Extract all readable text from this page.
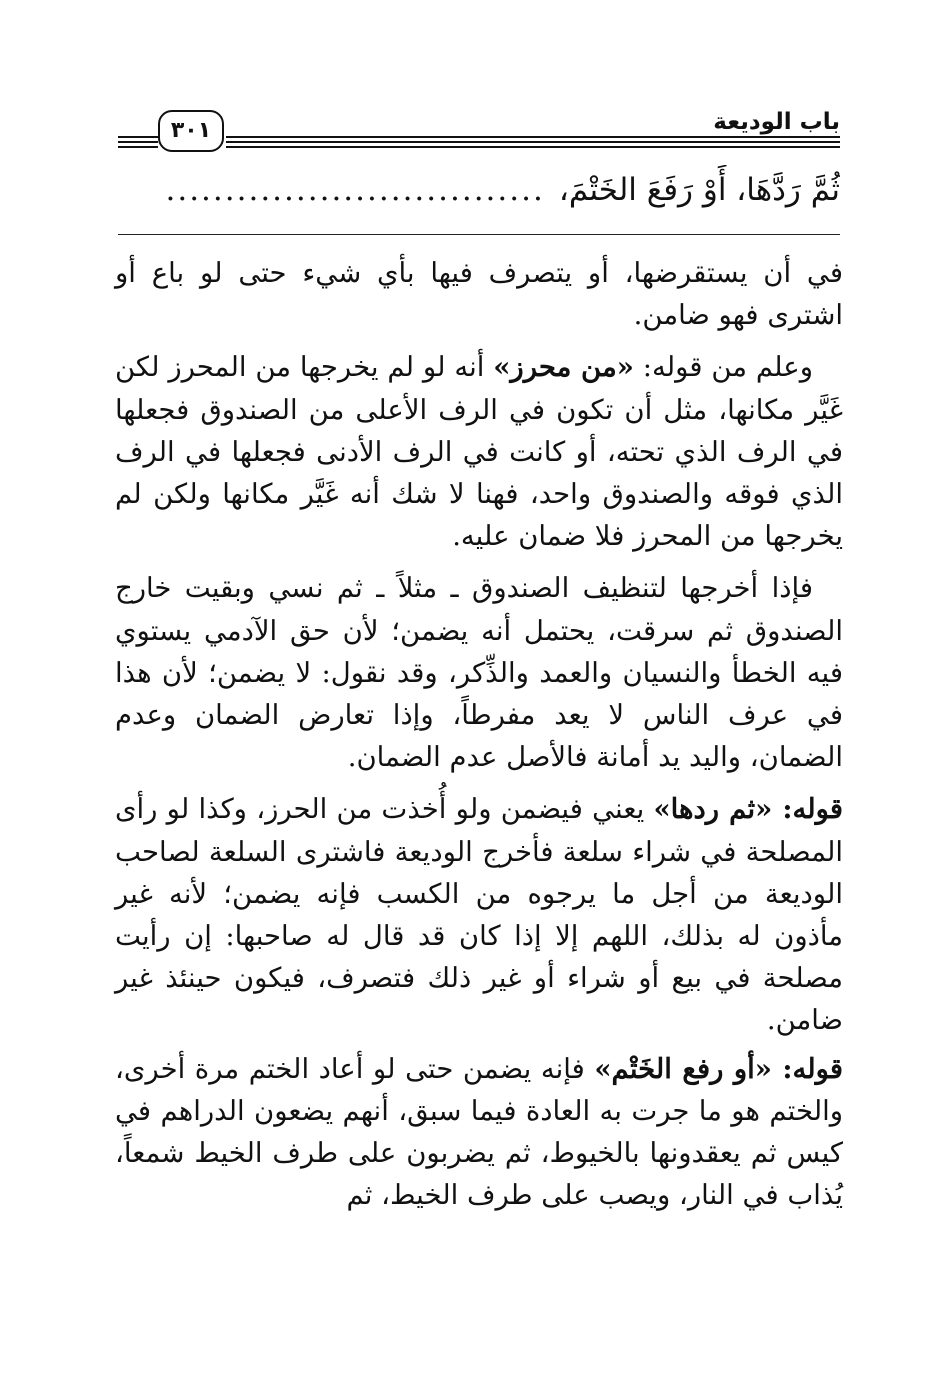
باب الوديعة
٣٠١
ثُمَّ رَدَّهَا، أَوْ رَفَعَ الخَتْمَ،
................................

في أن يستقرضها، أو يتصرف فيها بأي شيء حتى لو باع أو اشترى فهو ضامن.

وعلم من قوله: «من محرز» أنه لو لم يخرجها من المحرز لكن غَيَّر مكانها، مثل أن تكون في الرف الأعلى من الصندوق فجعلها في الرف الذي تحته، أو كانت في الرف الأدنى فجعلها في الرف الذي فوقه والصندوق واحد، فهنا لا شك أنه غَيَّر مكانها ولكن لم يخرجها من المحرز فلا ضمان عليه.

فإذا أخرجها لتنظيف الصندوق ـ مثلاً ـ ثم نسي وبقيت خارج الصندوق ثم سرقت، يحتمل أنه يضمن؛ لأن حق الآدمي يستوي فيه الخطأ والنسيان والعمد والذِّكر، وقد نقول: لا يضمن؛ لأن هذا في عرف الناس لا يعد مفرطاً، وإذا تعارض الضمان وعدم الضمان، واليد يد أمانة فالأصل عدم الضمان.

قوله: «ثم ردها» يعني فيضمن ولو أُخذت من الحرز، وكذا لو رأى المصلحة في شراء سلعة فأخرج الوديعة فاشترى السلعة لصاحب الوديعة من أجل ما يرجوه من الكسب فإنه يضمن؛ لأنه غير مأذون له بذلك، اللهم إلا إذا كان قد قال له صاحبها: إن رأيت مصلحة في بيع أو شراء أو غير ذلك فتصرف، فيكون حينئذ غير ضامن.

قوله: «أو رفع الخَتْم» فإنه يضمن حتى لو أعاد الختم مرة أخرى، والختم هو ما جرت به العادة فيما سبق، أنهم يضعون الدراهم في كيس ثم يعقدونها بالخيوط، ثم يضربون على طرف الخيط شمعاً، يُذاب في النار، ويصب على طرف الخيط، ثم
